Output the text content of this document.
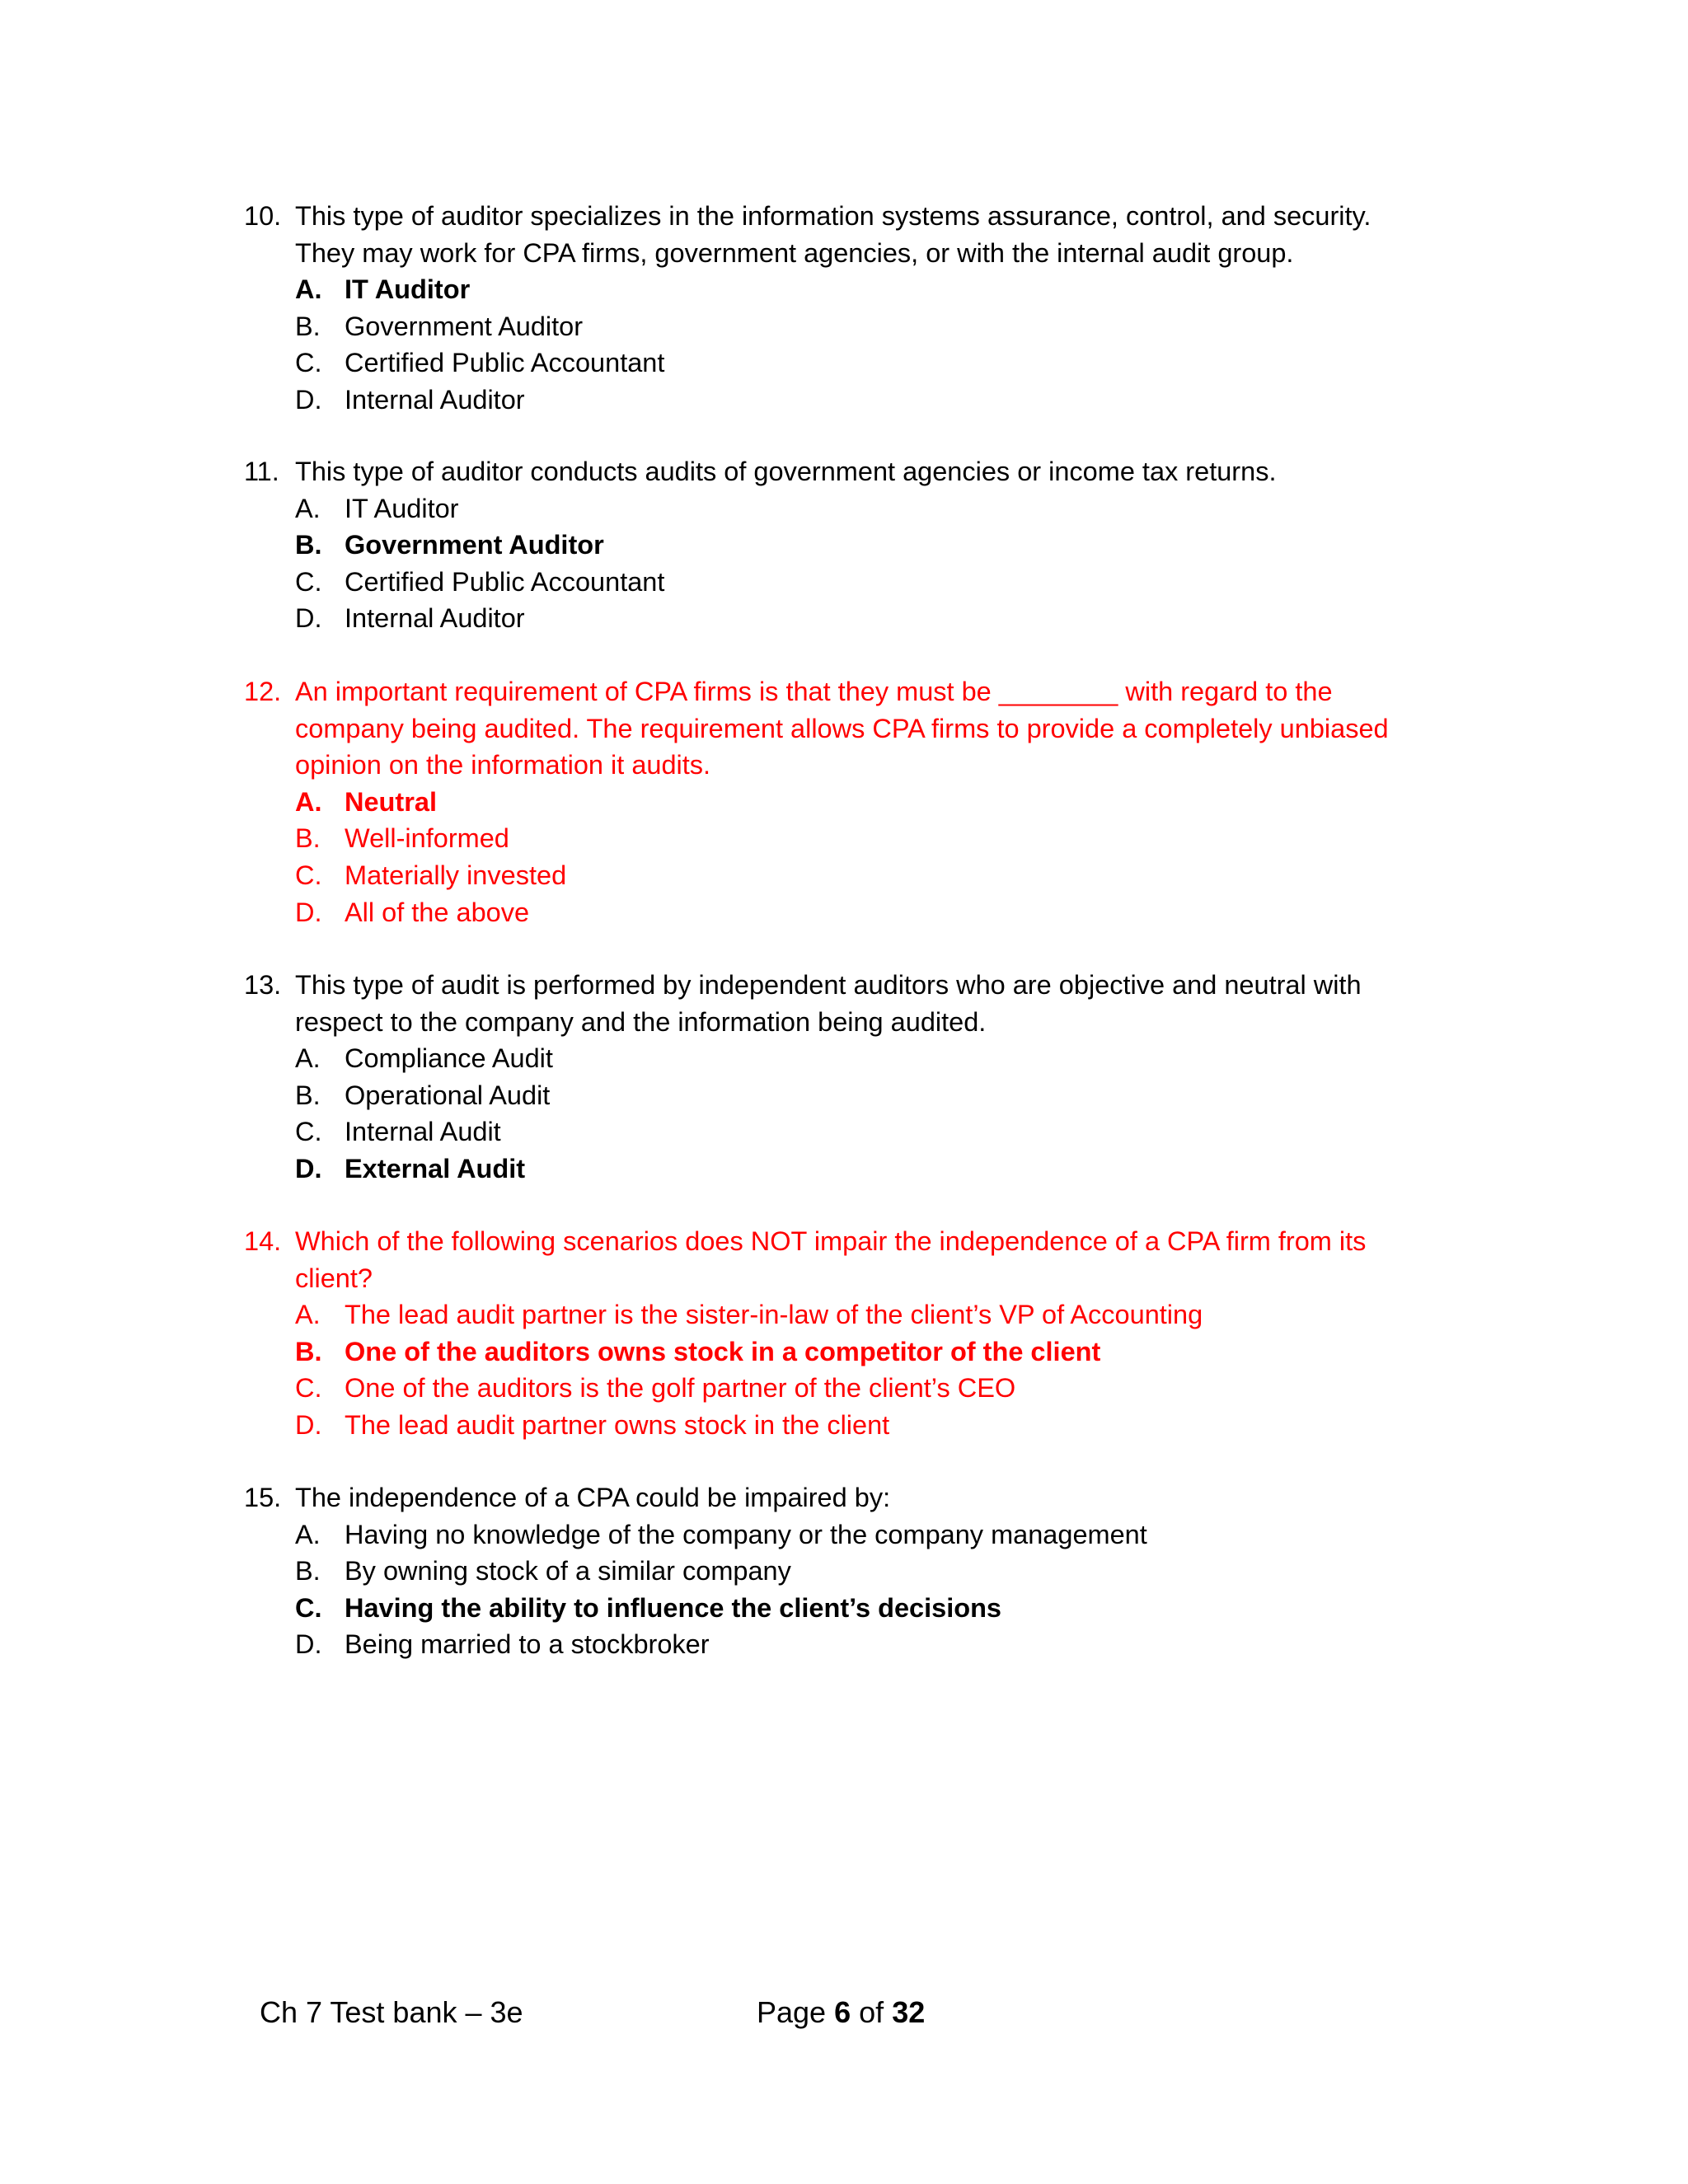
10. This type of auditor specializes in the information systems assurance, control, and security.
They may work for CPA firms, government agencies, or with the internal audit group.
A. IT Auditor
B. Government Auditor
C. Certified Public Accountant
D. Internal Auditor
11. This type of auditor conducts audits of government agencies or income tax returns.
A. IT Auditor
B. Government Auditor
C. Certified Public Accountant
D. Internal Auditor
12. An important requirement of CPA firms is that they must be ________ with regard to the
company being audited. The requirement allows CPA firms to provide a completely unbiased
opinion on the information it audits.
A. Neutral
B. Well-informed
C. Materially invested
D. All of the above
13. This type of audit is performed by independent auditors who are objective and neutral with
respect to the company and the information being audited.
A. Compliance Audit
B. Operational Audit
C. Internal Audit
D. External Audit
14. Which of the following scenarios does NOT impair the independence of a CPA firm from its
client?
A. The lead audit partner is the sister-in-law of the client’s VP of Accounting
B. One of the auditors owns stock in a competitor of the client
C. One of the auditors is the golf partner of the client’s CEO
D. The lead audit partner owns stock in the client
15. The independence of a CPA could be impaired by:
A. Having no knowledge of the company or the company management
B. By owning stock of a similar company
C. Having the ability to influence the client’s decisions
D. Being married to a stockbroker
Ch 7 Test bank – 3e	Page 6 of 32
